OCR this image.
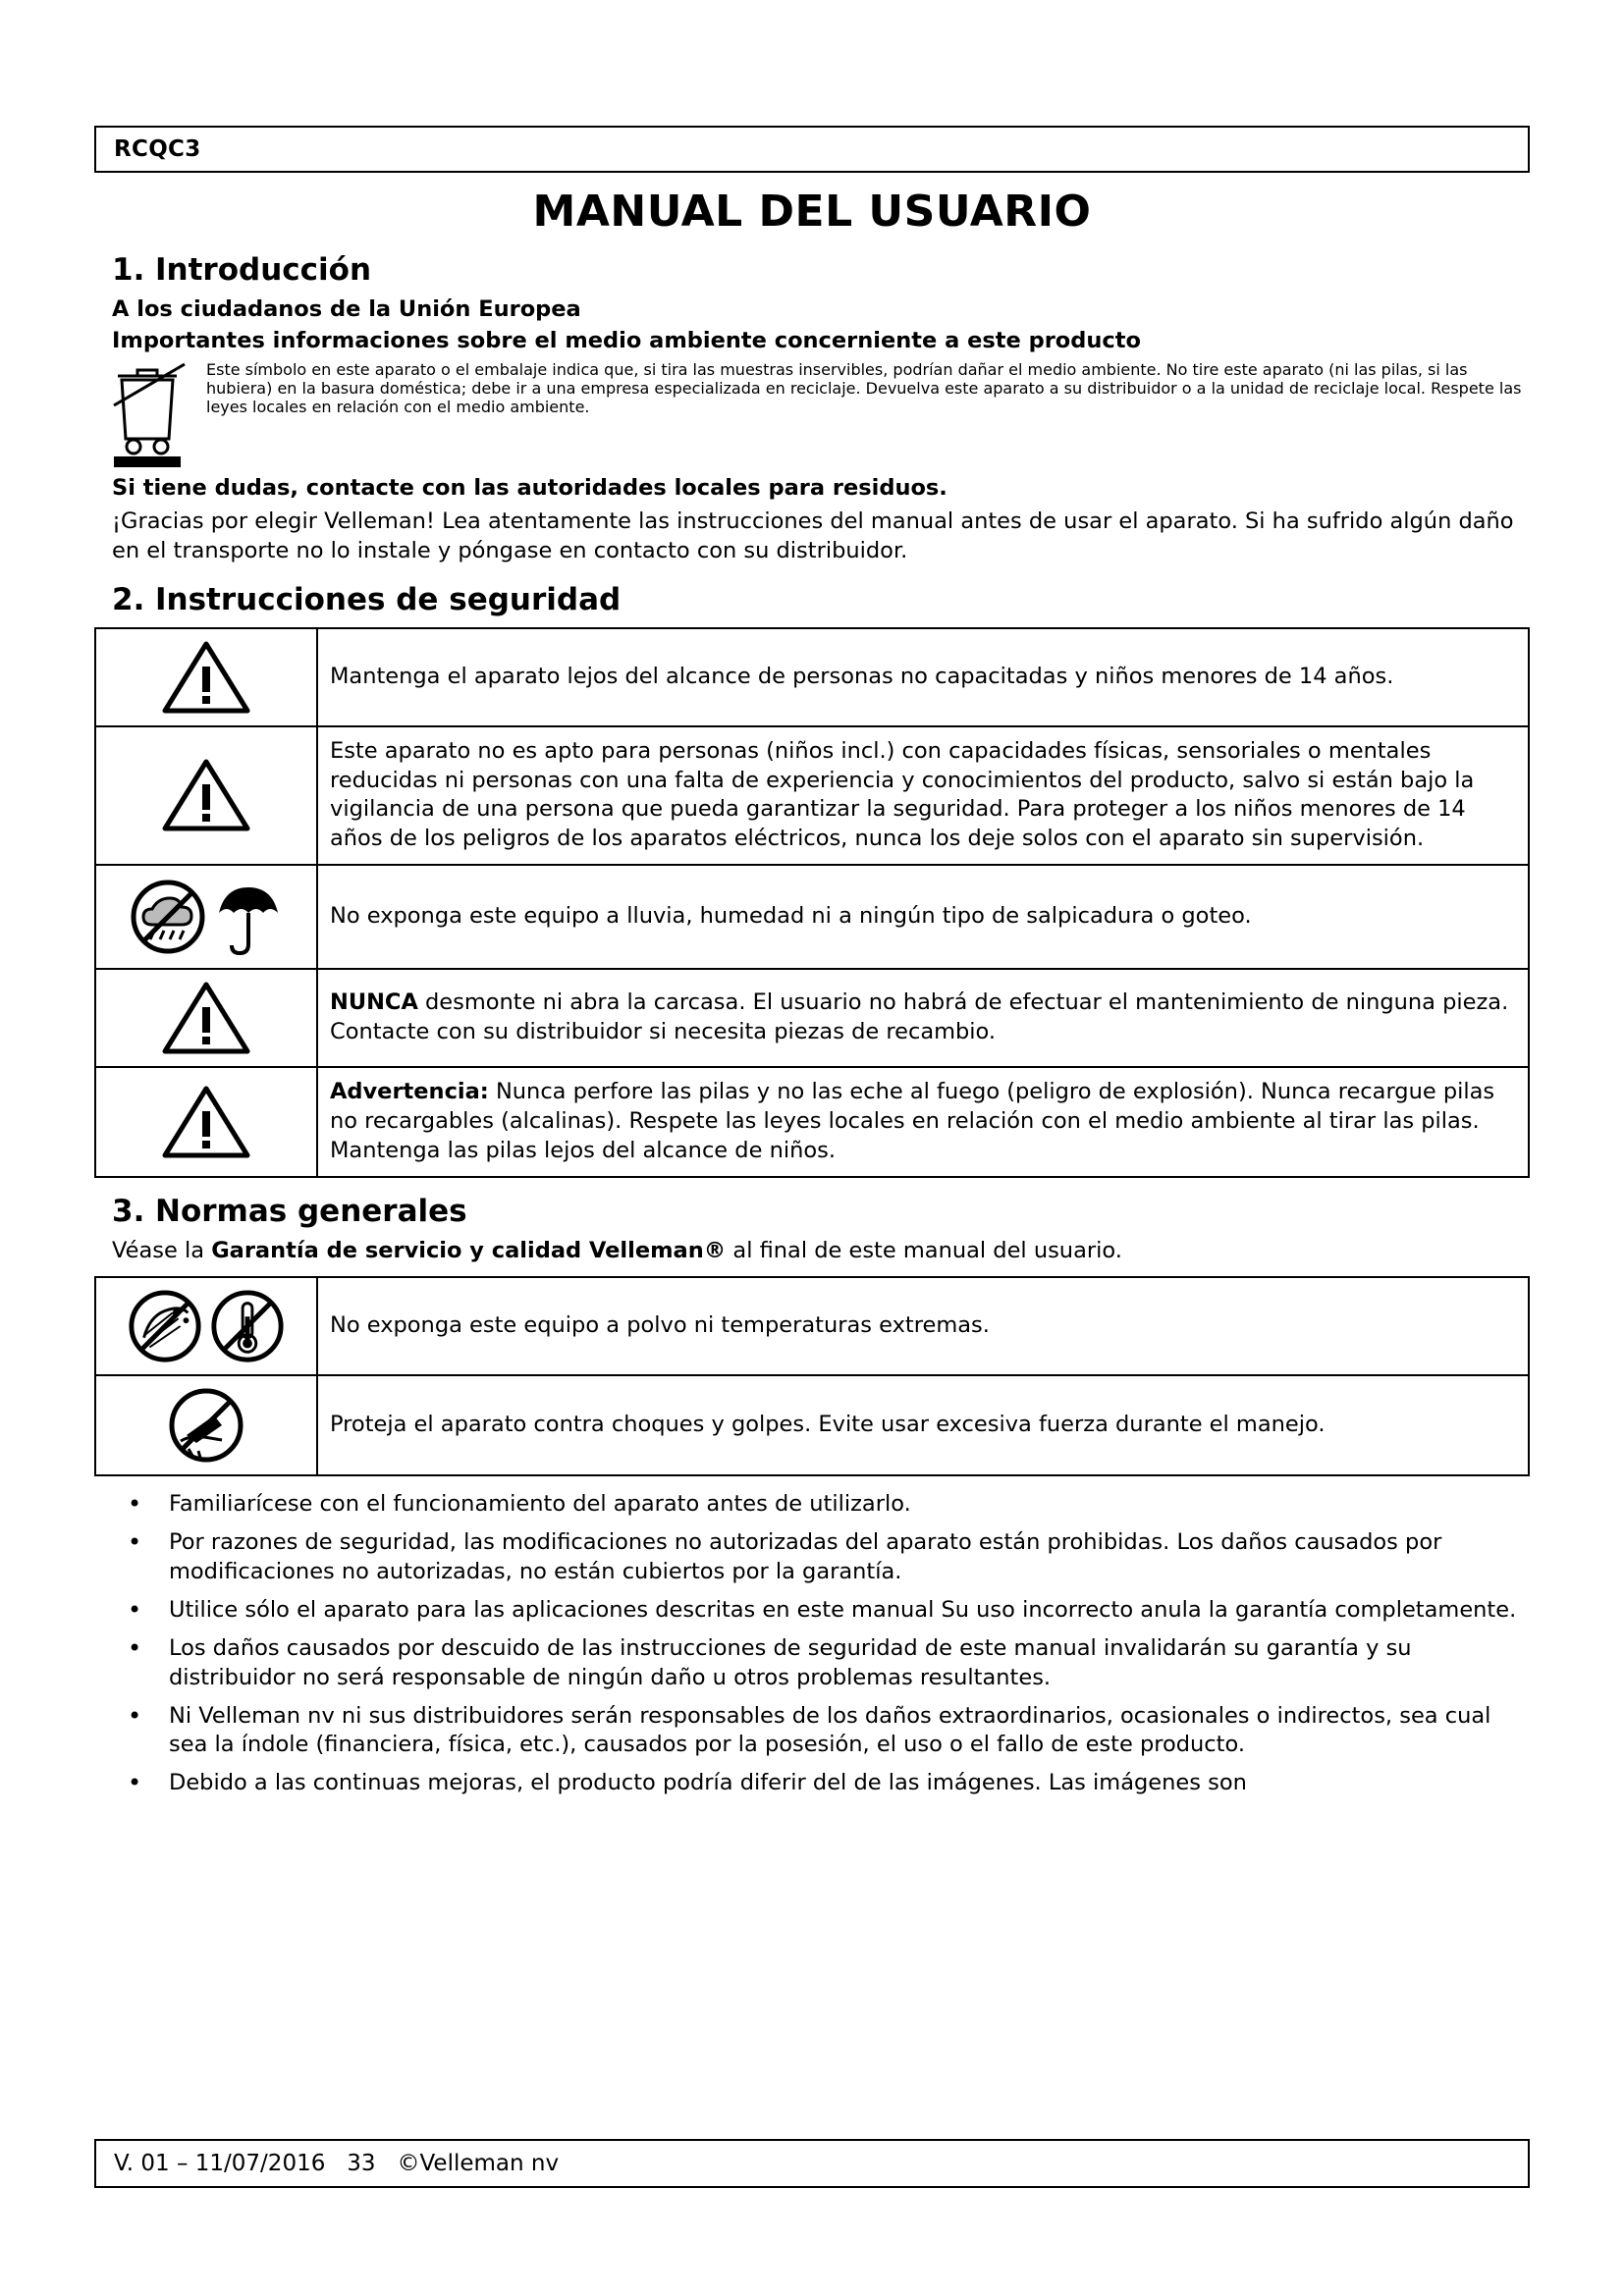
RCQC3
MANUAL DEL USUARIO
1. Introducción

A los ciudadanos de la Unión Europea

Importantes informaciones sobre el medio ambiente concerniente a este producto

Este símbolo en este aparato o el embalaje indica que, si tira las muestras inservibles, podrían dañar el medio ambiente. No tire este aparato (ni las pilas, si las hubiera) en la basura doméstica; debe ir a una empresa especializada en reciclaje. Devuelva este aparato a su distribuidor o a la unidad de reciclaje local. Respete las leyes locales en relación con el medio ambiente.

Si tiene dudas, contacte con las autoridades locales para residuos.

¡Gracias por elegir Velleman! Lea atentamente las instrucciones del manual antes de usar el aparato. Si ha sufrido algún daño en el transporte no lo instale y póngase en contacto con su distribuidor.

2. Instrucciones de seguridad
	Mantenga el aparato lejos del alcance de personas no capacitadas y niños menores de 14 años.

	Este aparato no es apto para personas (niños incl.) con capacidades físicas, sensoriales o mentales reducidas ni personas con una falta de experiencia y conocimientos del producto, salvo si están bajo la vigilancia de una persona que pueda garantizar la seguridad. Para proteger a los niños menores de 14 años de los peligros de los aparatos eléctricos, nunca los deje solos con el aparato sin supervisión.

	No exponga este equipo a lluvia, humedad ni a ningún tipo de salpicadura o goteo.

	NUNCA desmonte ni abra la carcasa. El usuario no habrá de efectuar el mantenimiento de ninguna pieza. Contacte con su distribuidor si necesita piezas de recambio.

	Advertencia: Nunca perfore las pilas y no las eche al fuego (peligro de explosión). Nunca recargue pilas no recargables (alcalinas). Respete las leyes locales en relación con el medio ambiente al tirar las pilas. Mantenga las pilas lejos del alcance de niños.
3. Normas generales

Véase la Garantía de servicio y calidad Velleman® al final de este manual del usuario.

	No exponga este equipo a polvo ni temperaturas extremas.

	Proteja el aparato contra choques y golpes. Evite usar excesiva fuerza durante el manejo.
• Familiarícese con el funcionamiento del aparato antes de utilizarlo.
• Por razones de seguridad, las modificaciones no autorizadas del aparato están prohibidas. Los daños causados por modificaciones no autorizadas, no están cubiertos por la garantía.
• Utilice sólo el aparato para las aplicaciones descritas en este manual Su uso incorrecto anula la garantía completamente.
• Los daños causados por descuido de las instrucciones de seguridad de este manual invalidarán su garantía y su distribuidor no será responsable de ningún daño u otros problemas resultantes.
• Ni Velleman nv ni sus distribuidores serán responsables de los daños extraordinarios, ocasionales o indirectos, sea cual sea la índole (financiera, física, etc.), causados por la posesión, el uso o el fallo de este producto.
• Debido a las continuas mejoras, el producto podría diferir del de las imágenes. Las imágenes son
V. 01 – 11/07/2016   33   ©Velleman nv
